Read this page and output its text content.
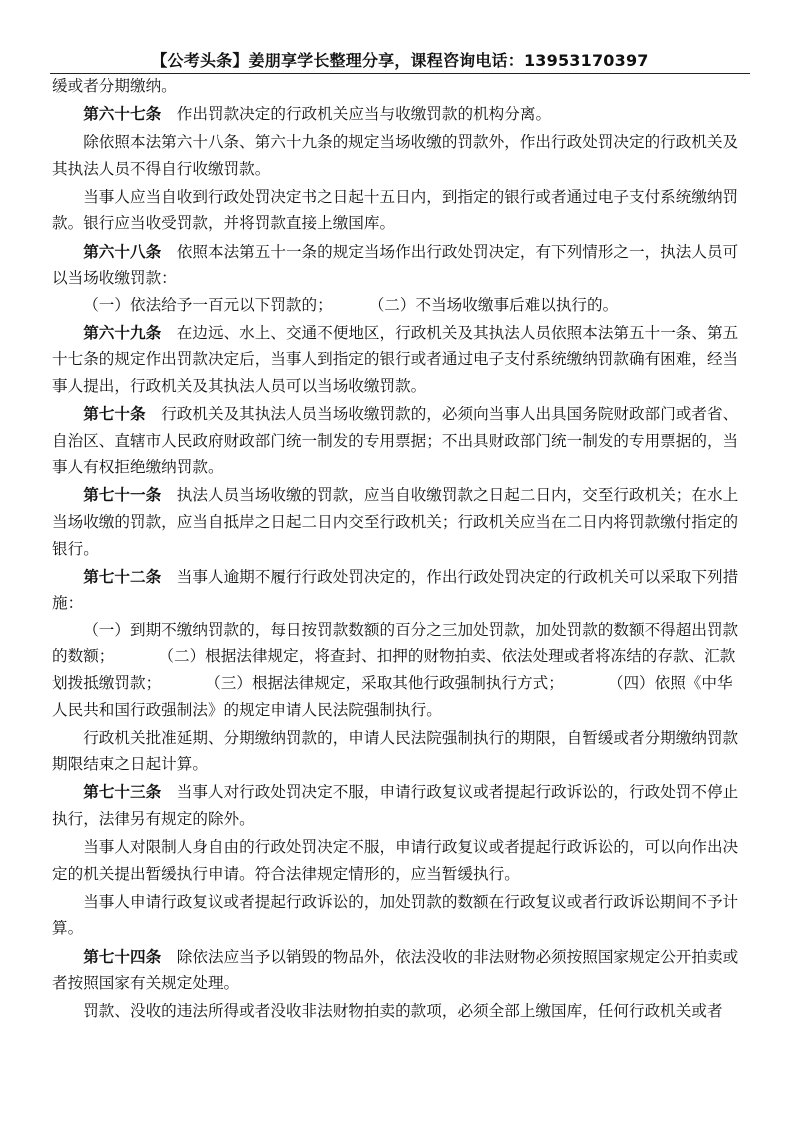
【公考头条】姜朋享学长整理分享，课程咨询电话：13953170397

缓或者分期缴纳。

第六十七条　 作出罚款决定的行政机关应当与收缴罚款的机构分离。

除依照本法第六十八条、第六十九条的规定当场收缴的罚款外，作出行政处罚决定的行政机关及其执法人员不得自行收缴罚款。

当事人应当自收到行政处罚决定书之日起十五日内，到指定的银行或者通过电子支付系统缴纳罚款。银行应当收受罚款，并将罚款直接上缴国库。

第六十八条　 依照本法第五十一条的规定当场作出行政处罚决定，有下列情形之一，执法人员可以当场收缴罚款：

（一）依法给予一百元以下罚款的； （二）不当场收缴事后难以执行的。

第六十九条　 在边远、水上、交通不便地区，行政机关及其执法人员依照本法第五十一条、第五十七条的规定作出罚款决定后，当事人到指定的银行或者通过电子支付系统缴纳罚款确有困难，经当事人提出，行政机关及其执法人员可以当场收缴罚款。

第七十条　 行政机关及其执法人员当场收缴罚款的，必须向当事人出具国务院财政部门或者省、自治区、直辖市人民政府财政部门统一制发的专用票据；不出具财政部门统一制发的专用票据的，当事人有权拒绝缴纳罚款。

第七十一条　 执法人员当场收缴的罚款，应当自收缴罚款之日起二日内，交至行政机关；在水上当场收缴的罚款，应当自抵岸之日起二日内交至行政机关；行政机关应当在二日内将罚款缴付指定的银行。

第七十二条　 当事人逾期不履行行政处罚决定的，作出行政处罚决定的行政机关可以采取下列措施：

（一）到期不缴纳罚款的，每日按罚款数额的百分之三加处罚款，加处罚款的数额不得超出罚款的数额；	（二）根据法律规定，将查封、扣押的财物拍卖、依法处理或者将冻结的存款、汇款划拨抵缴罚款；	（三）根据法律规定，采取其他行政强制执行方式；	（四）依照《中华人民共和国行政强制法》的规定申请人民法院强制执行。

行政机关批准延期、分期缴纳罚款的，申请人民法院强制执行的期限，自暂缓或者分期缴纳罚款期限结束之日起计算。

第七十三条　 当事人对行政处罚决定不服，申请行政复议或者提起行政诉讼的，行政处罚不停止执行，法律另有规定的除外。

当事人对限制人身自由的行政处罚决定不服，申请行政复议或者提起行政诉讼的，可以向作出决定的机关提出暂缓执行申请。符合法律规定情形的，应当暂缓执行。

当事人申请行政复议或者提起行政诉讼的，加处罚款的数额在行政复议或者行政诉讼期间不予计算。

第七十四条　 除依法应当予以销毁的物品外，依法没收的非法财物必须按照国家规定公开拍卖或者按照国家有关规定处理。

罚款、没收的违法所得或者没收非法财物拍卖的款项，必须全部上缴国库，任何行政机关或者
